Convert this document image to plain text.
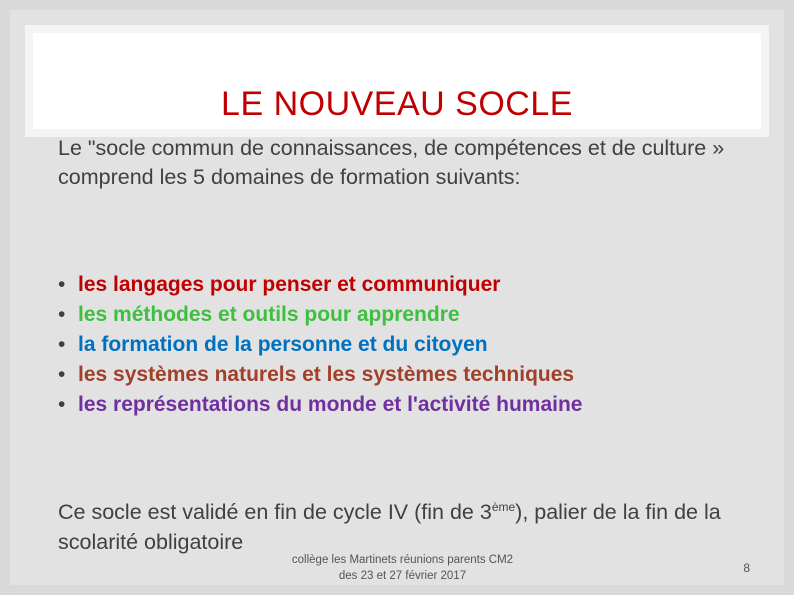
LE NOUVEAU SOCLE
Le "socle commun de connaissances, de compétences et de culture » comprend les 5 domaines de formation suivants:
• les langages pour penser et communiquer
• les méthodes et outils pour apprendre
• la formation de la personne et du citoyen
• les systèmes naturels et les systèmes techniques
• les représentations du monde et l'activité humaine
Ce socle est validé en fin de cycle IV (fin de 3ème), palier de la fin de la scolarité obligatoire
collège les Martinets réunions parents CM2 des 23 et 27 février 2017
8
